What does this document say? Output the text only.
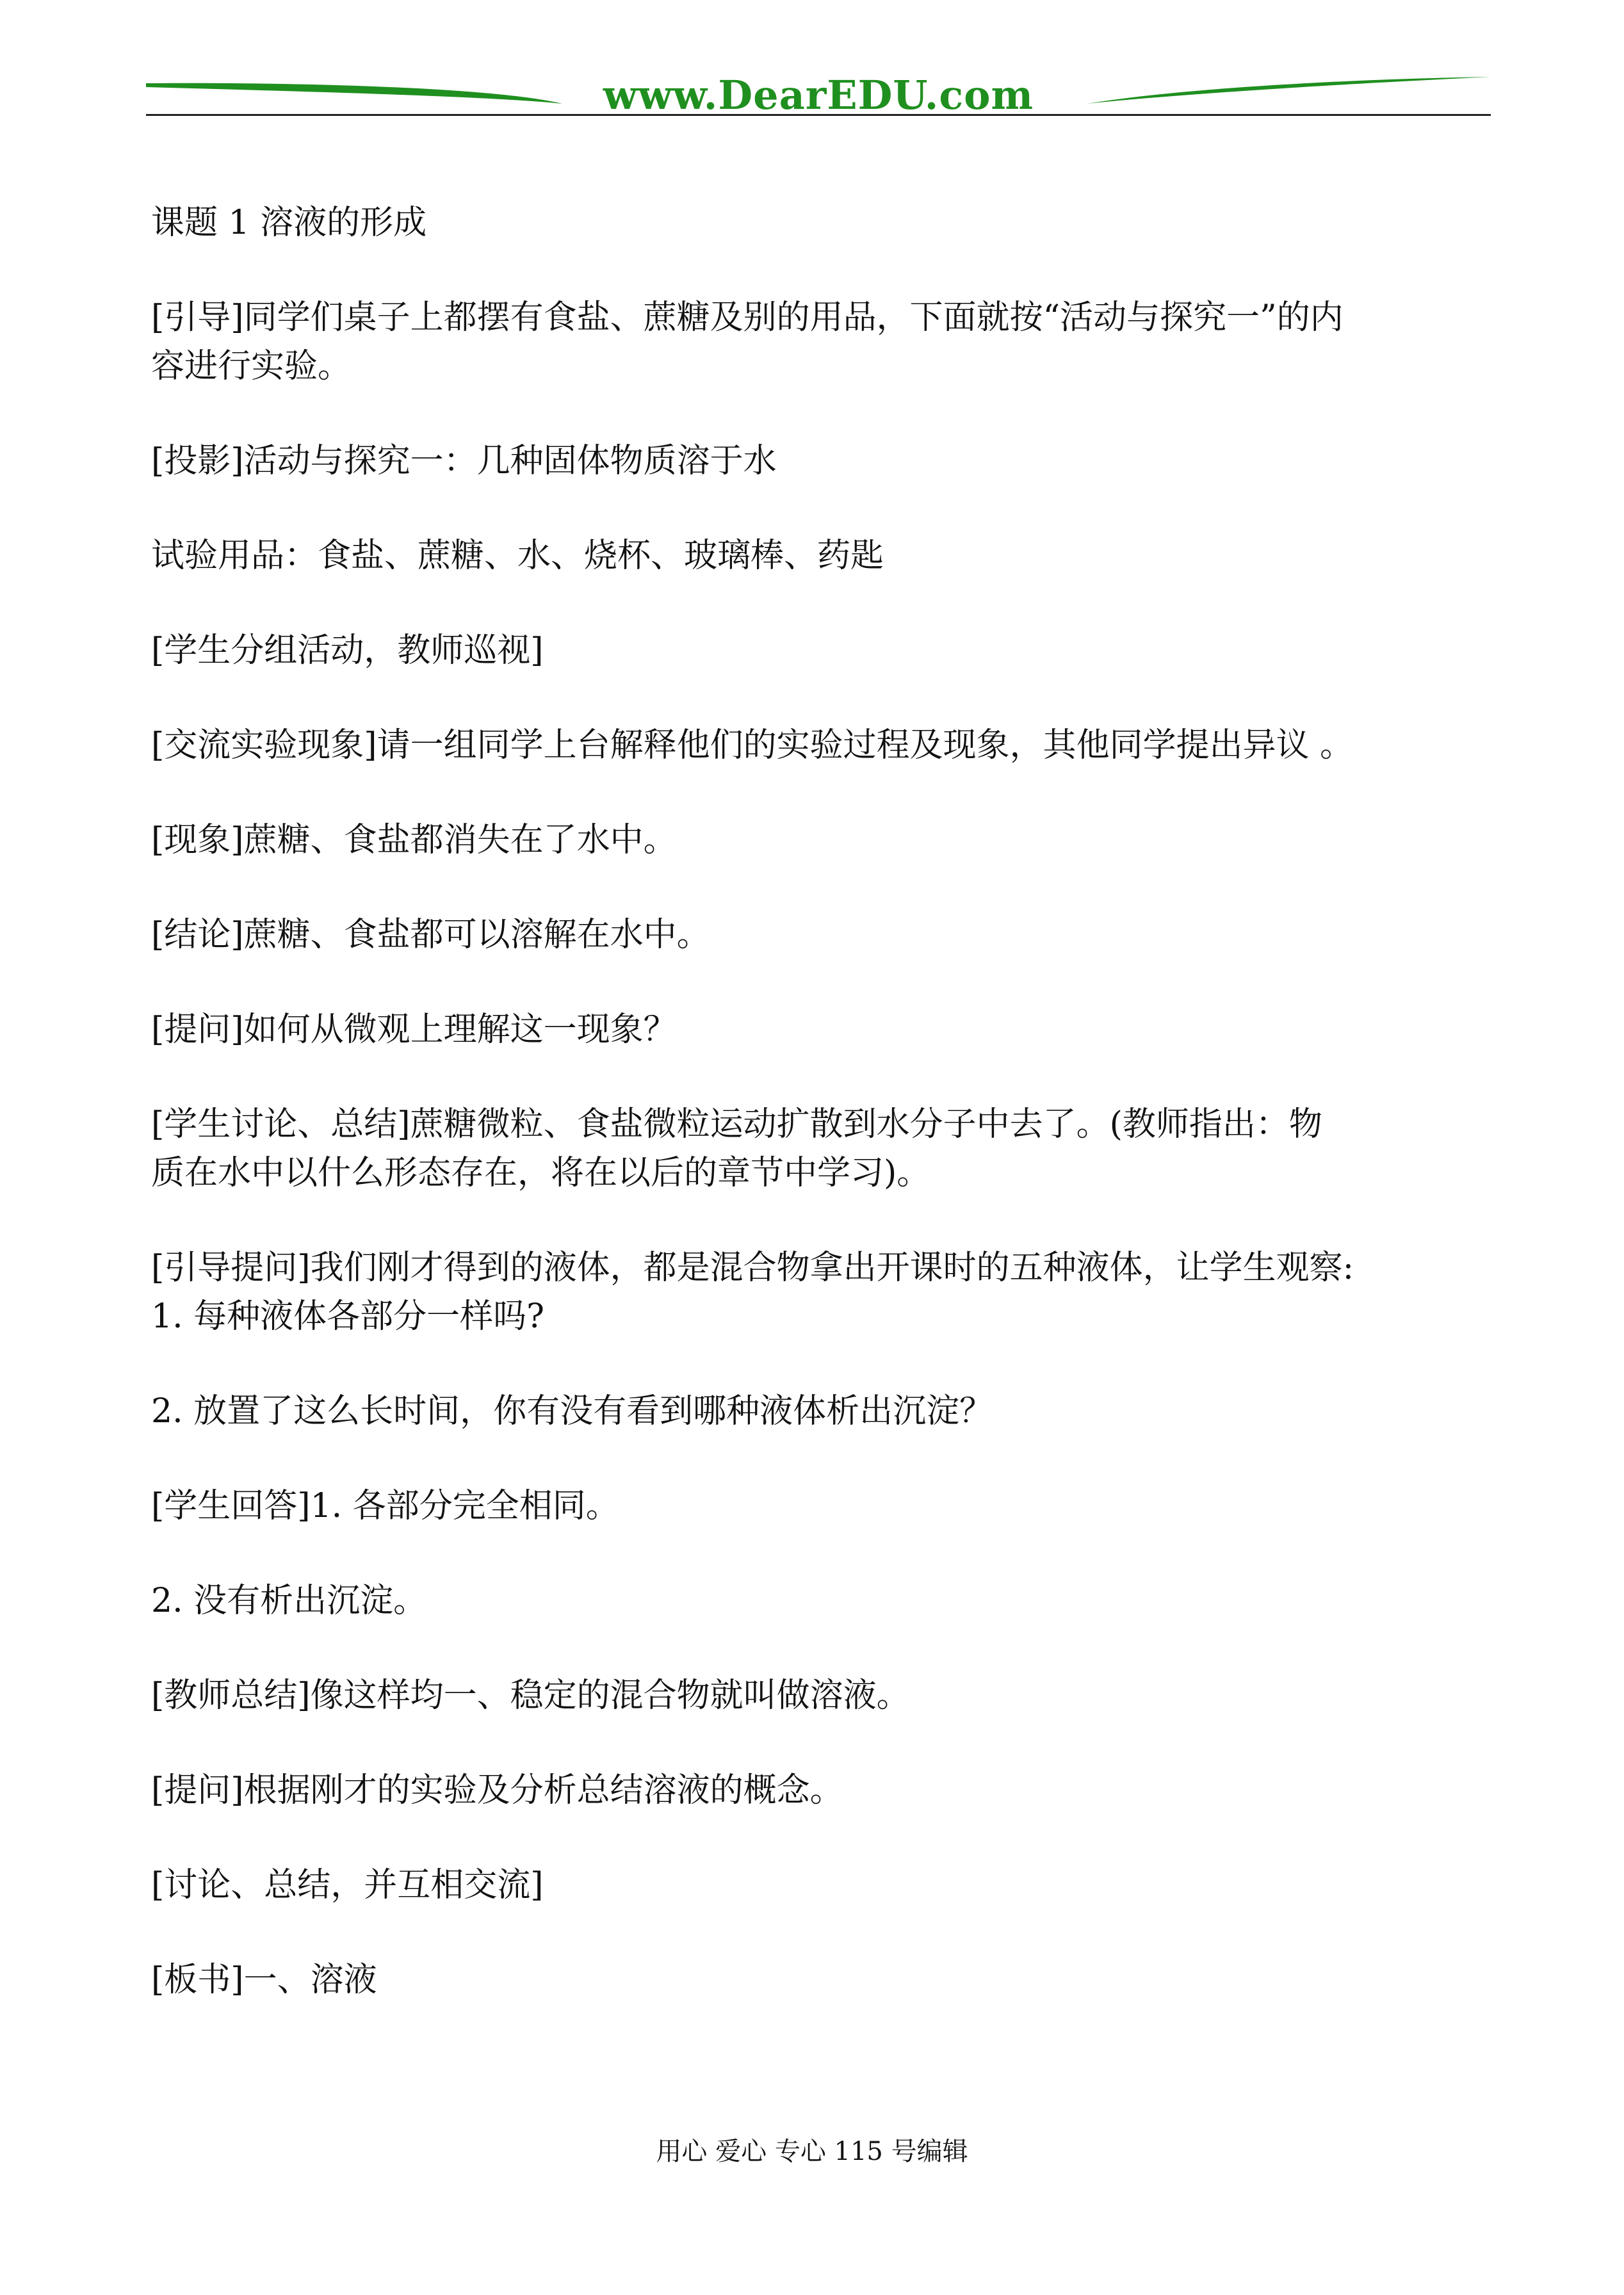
www.DearEDU.com
课题 1 溶液的形成
[引导]同学们桌子上都摆有食盐、蔗糖及别的用品，下面就按“活动与探究一”的内
容进行实验。
[投影]活动与探究一：几种固体物质溶于水
试验用品：食盐、蔗糖、水、烧杯、玻璃棒、药匙
[学生分组活动，教师巡视]
[交流实验现象]请一组同学上台解释他们的实验过程及现象，其他同学提出异议 。
[现象]蔗糖、食盐都消失在了水中。
[结论]蔗糖、食盐都可以溶解在水中。
[提问]如何从微观上理解这一现象？
[学生讨论、总结]蔗糖微粒、食盐微粒运动扩散到水分子中去了。(教师指出：物
质在水中以什么形态存在，将在以后的章节中学习)。
[引导提问]我们刚才得到的液体，都是混合物拿出开课时的五种液体，让学生观察:
1. 每种液体各部分一样吗?
2. 放置了这么长时间，你有没有看到哪种液体析出沉淀？
[学生回答]1. 各部分完全相同。
2. 没有析出沉淀。
[教师总结]像这样均一、稳定的混合物就叫做溶液。
[提问]根据刚才的实验及分析总结溶液的概念。
[讨论、总结，并互相交流]
[板书]一、溶液
用心 爱心 专心 115 号编辑
